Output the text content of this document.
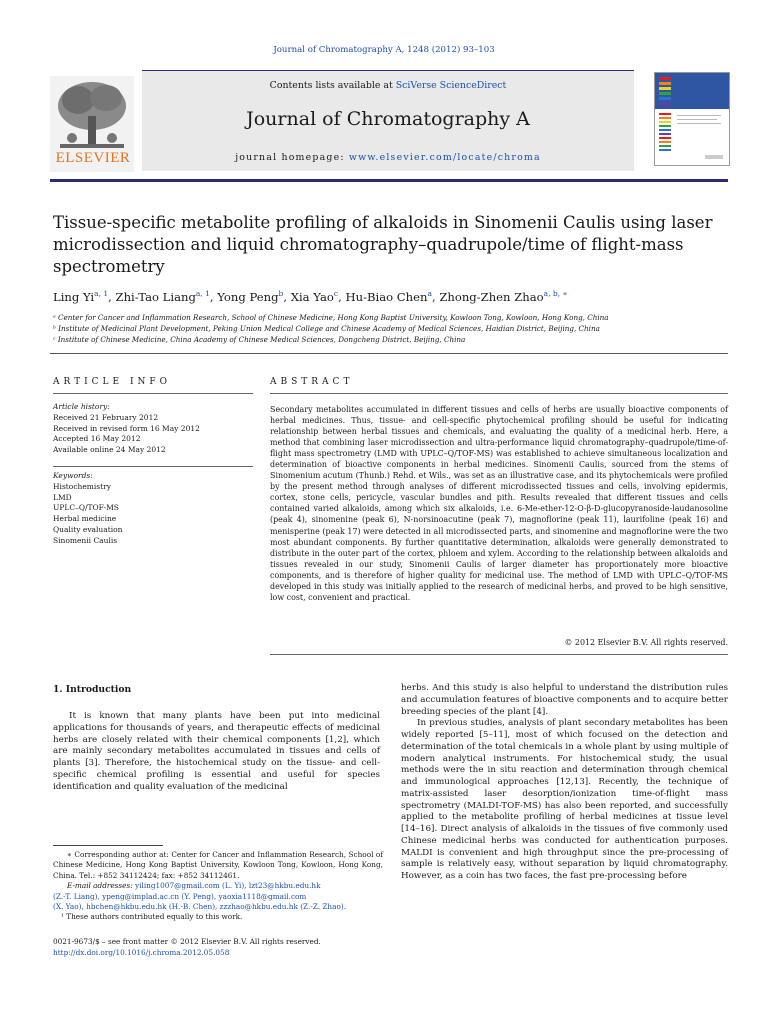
Journal of Chromatography A, 1248 (2012) 93–103
Contents lists available at SciVerse ScienceDirect
Journal of Chromatography A
journal homepage: www.elsevier.com/locate/chroma
ELSEVIER
Tissue-specific metabolite profiling of alkaloids in Sinomenii Caulis using laser microdissection and liquid chromatography–quadrupole/time of flight-mass spectrometry
Ling Yi$^{a, 1}$, Zhi-Tao Liang$^{a, 1}$, Yong Peng$^b$, Xia Yao$^c$, Hu-Biao Chen$^a$, Zhong-Zhen Zhao$^{a, b, ∗}$
ᵃ Center for Cancer and Inflammation Research, School of Chinese Medicine, Hong Kong Baptist University, Kowloon Tong, Kowloon, Hong Kong, China
ᵇ Institute of Medicinal Plant Development, Peking Union Medical College and Chinese Academy of Medical Sciences, Haidian District, Beijing, China
ᶜ Institute of Chinese Medicine, China Academy of Chinese Medical Sciences, Dongcheng District, Beijing, China
ARTICLE INFO	ABSTRACT
Article history:
Received 21 February 2012
Received in revised form 16 May 2012
Accepted 16 May 2012
Available online 24 May 2012
Keywords:
Histochemistry
LMD
UPLC–Q/TOF-MS
Herbal medicine
Quality evaluation
Sinomenii Caulis
Secondary metabolites accumulated in different tissues and cells of herbs are usually bioactive components of herbal medicines. Thus, tissue- and cell-specific phytochemical profiling should be useful for indicating relationship between herbal tissues and chemicals, and evaluating the quality of a medicinal herb. Here, a method that combining laser microdissection and ultra-performance liquid chromatography–quadrupole/time-of-flight mass spectrometry (LMD with UPLC–Q/TOF-MS) was established to achieve simultaneous localization and determination of bioactive components in herbal medicines. Sinomenii Caulis, sourced from the stems of Sinomenium acutum (Thunb.) Rehd. et Wils., was set as an illustrative case, and its phytochemicals were profiled by the present method through analyses of different microdissected tissues and cells, involving epidermis, cortex, stone cells, pericycle, vascular bundles and pith. Results revealed that different tissues and cells contained varied alkaloids, among which six alkaloids, i.e. 6-Me-ether-12-O-β-D-glucopyranoside-laudanosoline (peak 4), sinomenine (peak 6), N-norsinoacutine (peak 7), magnoflorine (peak 11), laurifoline (peak 16) and menisperine (peak 17) were detected in all microdissected parts, and sinomenine and magnoflorine were the two most abundant components. By further quantitative determination, alkaloids were generally demonstrated to distribute in the outer part of the cortex, phloem and xylem. According to the relationship between alkaloids and tissues revealed in our study, Sinomenii Caulis of larger diameter has proportionately more bioactive components, and is therefore of higher quality for medicinal use. The method of LMD with UPLC–Q/TOF-MS developed in this study was initially applied to the research of medicinal herbs, and proved to be high sensitive, low cost, convenient and practical.
© 2012 Elsevier B.V. All rights reserved.
1. Introduction

It is known that many plants have been put into medicinal applications for thousands of years, and therapeutic effects of medicinal herbs are closely related with their chemical components [1,2], which are mainly secondary metabolites accumulated in tissues and cells of plants [3]. Therefore, the histochemical study on the tissue- and cell-specific chemical profiling is essential and useful for species identification and quality evaluation of the medicinal

herbs. And this study is also helpful to understand the distribution rules and accumulation features of bioactive components and to acquire better breeding species of the plant [4].

In previous studies, analysis of plant secondary metabolites has been widely reported [5–11], most of which focused on the detection and determination of the total chemicals in a whole plant by using multiple of modern analytical instruments. For histochemical study, the usual methods were the in situ reaction and determination through chemical and immunological approaches [12,13]. Recently, the technique of matrix-assisted laser desorption/ionization time-of-flight mass spectrometry (MALDI-TOF-MS) has also been reported, and successfully applied to the metabolite profiling of herbal medicines at tissue level [14–16]. Direct analysis of alkaloids in the tissues of five commonly used Chinese medicinal herbs was conducted for authentication purposes. MALDI is convenient and high throughput since the pre-processing of sample is relatively easy, without separation by liquid chromatography. However, as a coin has two faces, the fast pre-processing before

∗ Corresponding author at: Center for Cancer and Inflammation Research, School of Chinese Medicine, Hong Kong Baptist University, Kowloon Tong, Kowloon, Hong Kong, China. Tel.: +852 34112424; fax: +852 34112461.
E-mail addresses: yiling1007@gmail.com (L. Yi), lzt23@hkbu.edu.hk
(Z.-T. Liang), ypeng@implad.ac.cn (Y. Peng), yaoxia1118@gmail.com
(X. Yao), hbchen@hkbu.edu.hk (H.-B. Chen), zzzhao@hkbu.edu.hk (Z.-Z. Zhao).
¹ These authors contributed equally to this work.
0021-9673/$ – see front matter © 2012 Elsevier B.V. All rights reserved.
http://dx.doi.org/10.1016/j.chroma.2012.05.058
